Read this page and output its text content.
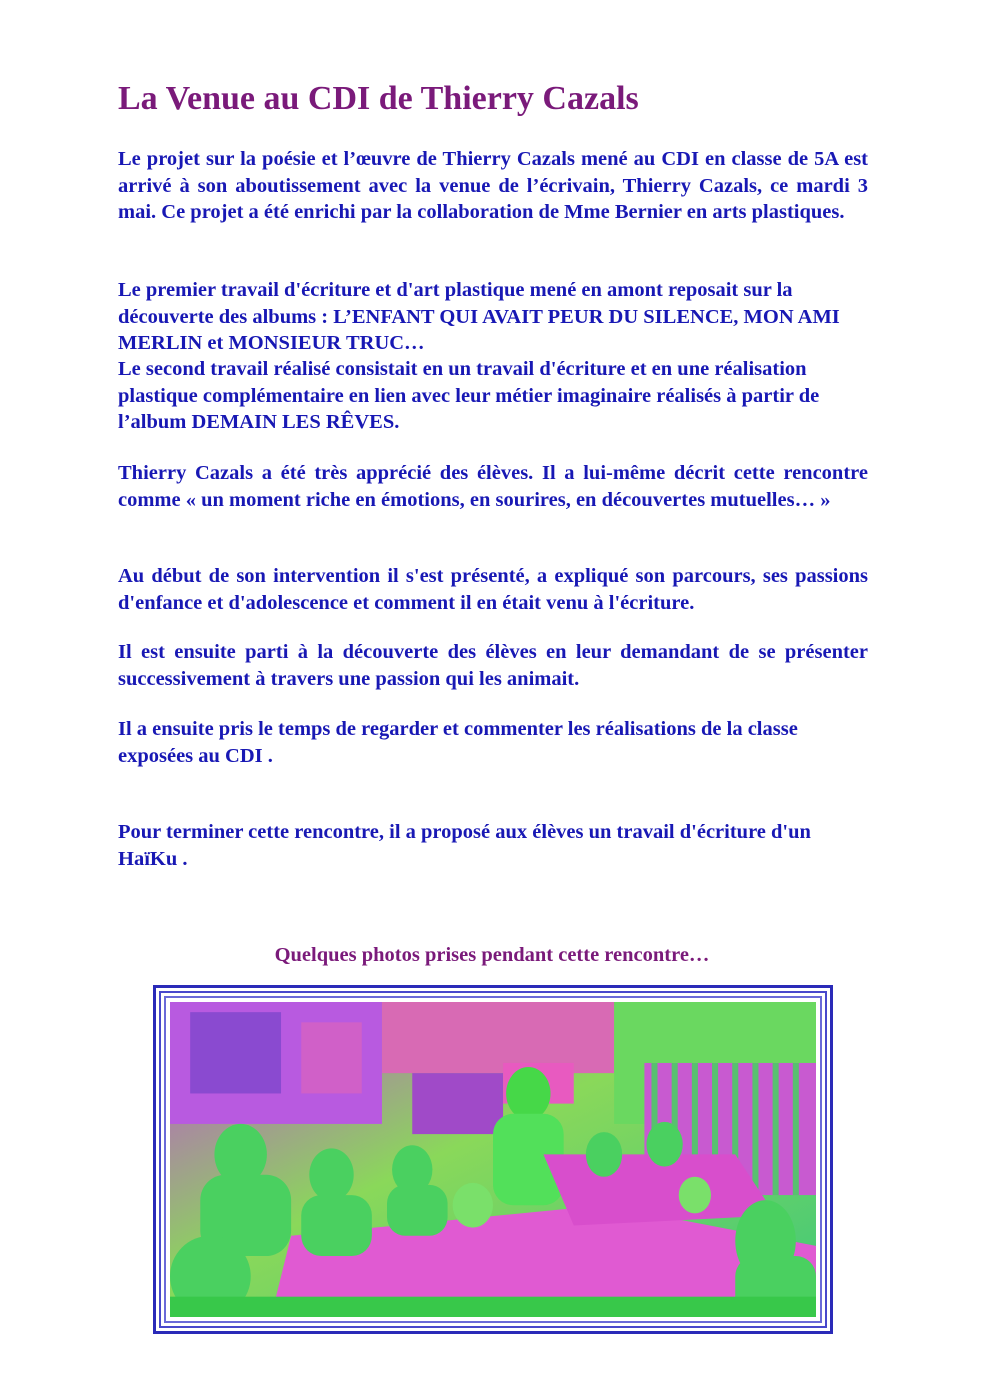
La Venue au CDI de Thierry Cazals

Le projet sur la poésie et l’œuvre de Thierry Cazals mené au CDI en classe de 5A est arrivé à son aboutissement avec la venue de l’écrivain, Thierry Cazals, ce mardi 3 mai. Ce projet a été enrichi par la collaboration de Mme Bernier en arts plastiques.

Le premier travail d'écriture et d'art plastique mené en amont reposait sur la découverte des albums : L’ENFANT QUI AVAIT PEUR DU SILENCE, MON AMI MERLIN et MONSIEUR TRUC…

Le second travail réalisé consistait en un travail d'écriture et en une réalisation plastique complémentaire en lien avec leur métier imaginaire réalisés à partir de l’album DEMAIN LES RÊVES.

Thierry Cazals a été très apprécié des élèves. Il a lui-même décrit cette rencontre comme « un moment riche en émotions, en sourires, en découvertes mutuelles… »

Au début de son intervention il s'est présenté, a expliqué son parcours, ses passions d'enfance et d'adolescence et comment il en était venu à l'écriture.

Il est ensuite parti à la découverte des élèves en leur demandant de se présenter successivement à travers une passion qui les animait.

Il a ensuite pris le temps de regarder et commenter les réalisations de la classe exposées au CDI .

Pour terminer cette rencontre, il a proposé aux élèves un travail d'écriture d'un HaïKu .

Quelques photos prises pendant cette rencontre…
